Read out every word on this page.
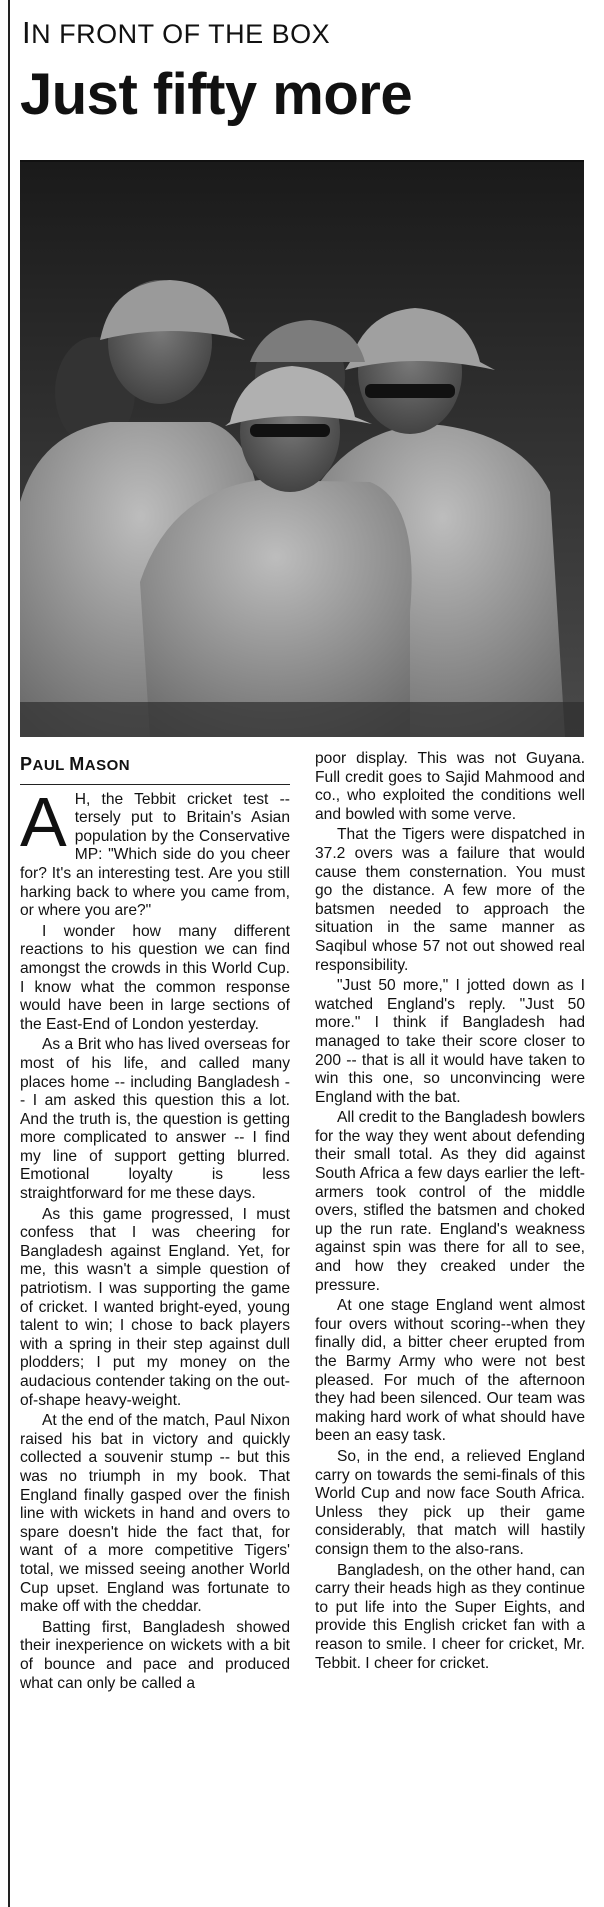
IN FRONT OF THE BOX
Just fifty more
PAUL MASON

A H, the Tebbit cricket test -- tersely put to Britain's Asian population by the Conservative MP: "Which side do you cheer for? It's an interesting test. Are you still harking back to where you came from, or where you are?"

I wonder how many different reactions to his question we can find amongst the crowds in this World Cup. I know what the common response would have been in large sections of the East-End of London yesterday.

As a Brit who has lived overseas for most of his life, and called many places home -- including Bangladesh -- I am asked this question this a lot. And the truth is, the question is getting more complicated to answer -- I find my line of support getting blurred. Emotional loyalty is less straightforward for me these days.

As this game progressed, I must confess that I was cheering for Bangladesh against England. Yet, for me, this wasn't a simple question of patriotism. I was supporting the game of cricket. I wanted bright-eyed, young talent to win; I chose to back players with a spring in their step against dull plodders; I put my money on the audacious contender taking on the out-of-shape heavy-weight.

At the end of the match, Paul Nixon raised his bat in victory and quickly collected a souvenir stump -- but this was no triumph in my book. That England finally gasped over the finish line with wickets in hand and overs to spare doesn't hide the fact that, for want of a more competitive Tigers' total, we missed seeing another World Cup upset. England was fortunate to make off with the cheddar.

Batting first, Bangladesh showed their inexperience on wickets with a bit of bounce and pace and produced what can only be called a

poor display. This was not Guyana. Full credit goes to Sajid Mahmood and co., who exploited the conditions well and bowled with some verve.

That the Tigers were dispatched in 37.2 overs was a failure that would cause them consternation. You must go the distance. A few more of the batsmen needed to approach the situation in the same manner as Saqibul whose 57 not out showed real responsibility.

"Just 50 more," I jotted down as I watched England's reply. "Just 50 more." I think if Bangladesh had managed to take their score closer to 200 -- that is all it would have taken to win this one, so unconvincing were England with the bat.

All credit to the Bangladesh bowlers for the way they went about defending their small total. As they did against South Africa a few days earlier the left-armers took control of the middle overs, stifled the batsmen and choked up the run rate. England's weakness against spin was there for all to see, and how they creaked under the pressure.

At one stage England went almost four overs without scoring--when they finally did, a bitter cheer erupted from the Barmy Army who were not best pleased. For much of the afternoon they had been silenced. Our team was making hard work of what should have been an easy task.

So, in the end, a relieved England carry on towards the semi-finals of this World Cup and now face South Africa. Unless they pick up their game considerably, that match will hastily consign them to the also-rans.

Bangladesh, on the other hand, can carry their heads high as they continue to put life into the Super Eights, and provide this English cricket fan with a reason to smile. I cheer for cricket, Mr. Tebbit. I cheer for cricket.
